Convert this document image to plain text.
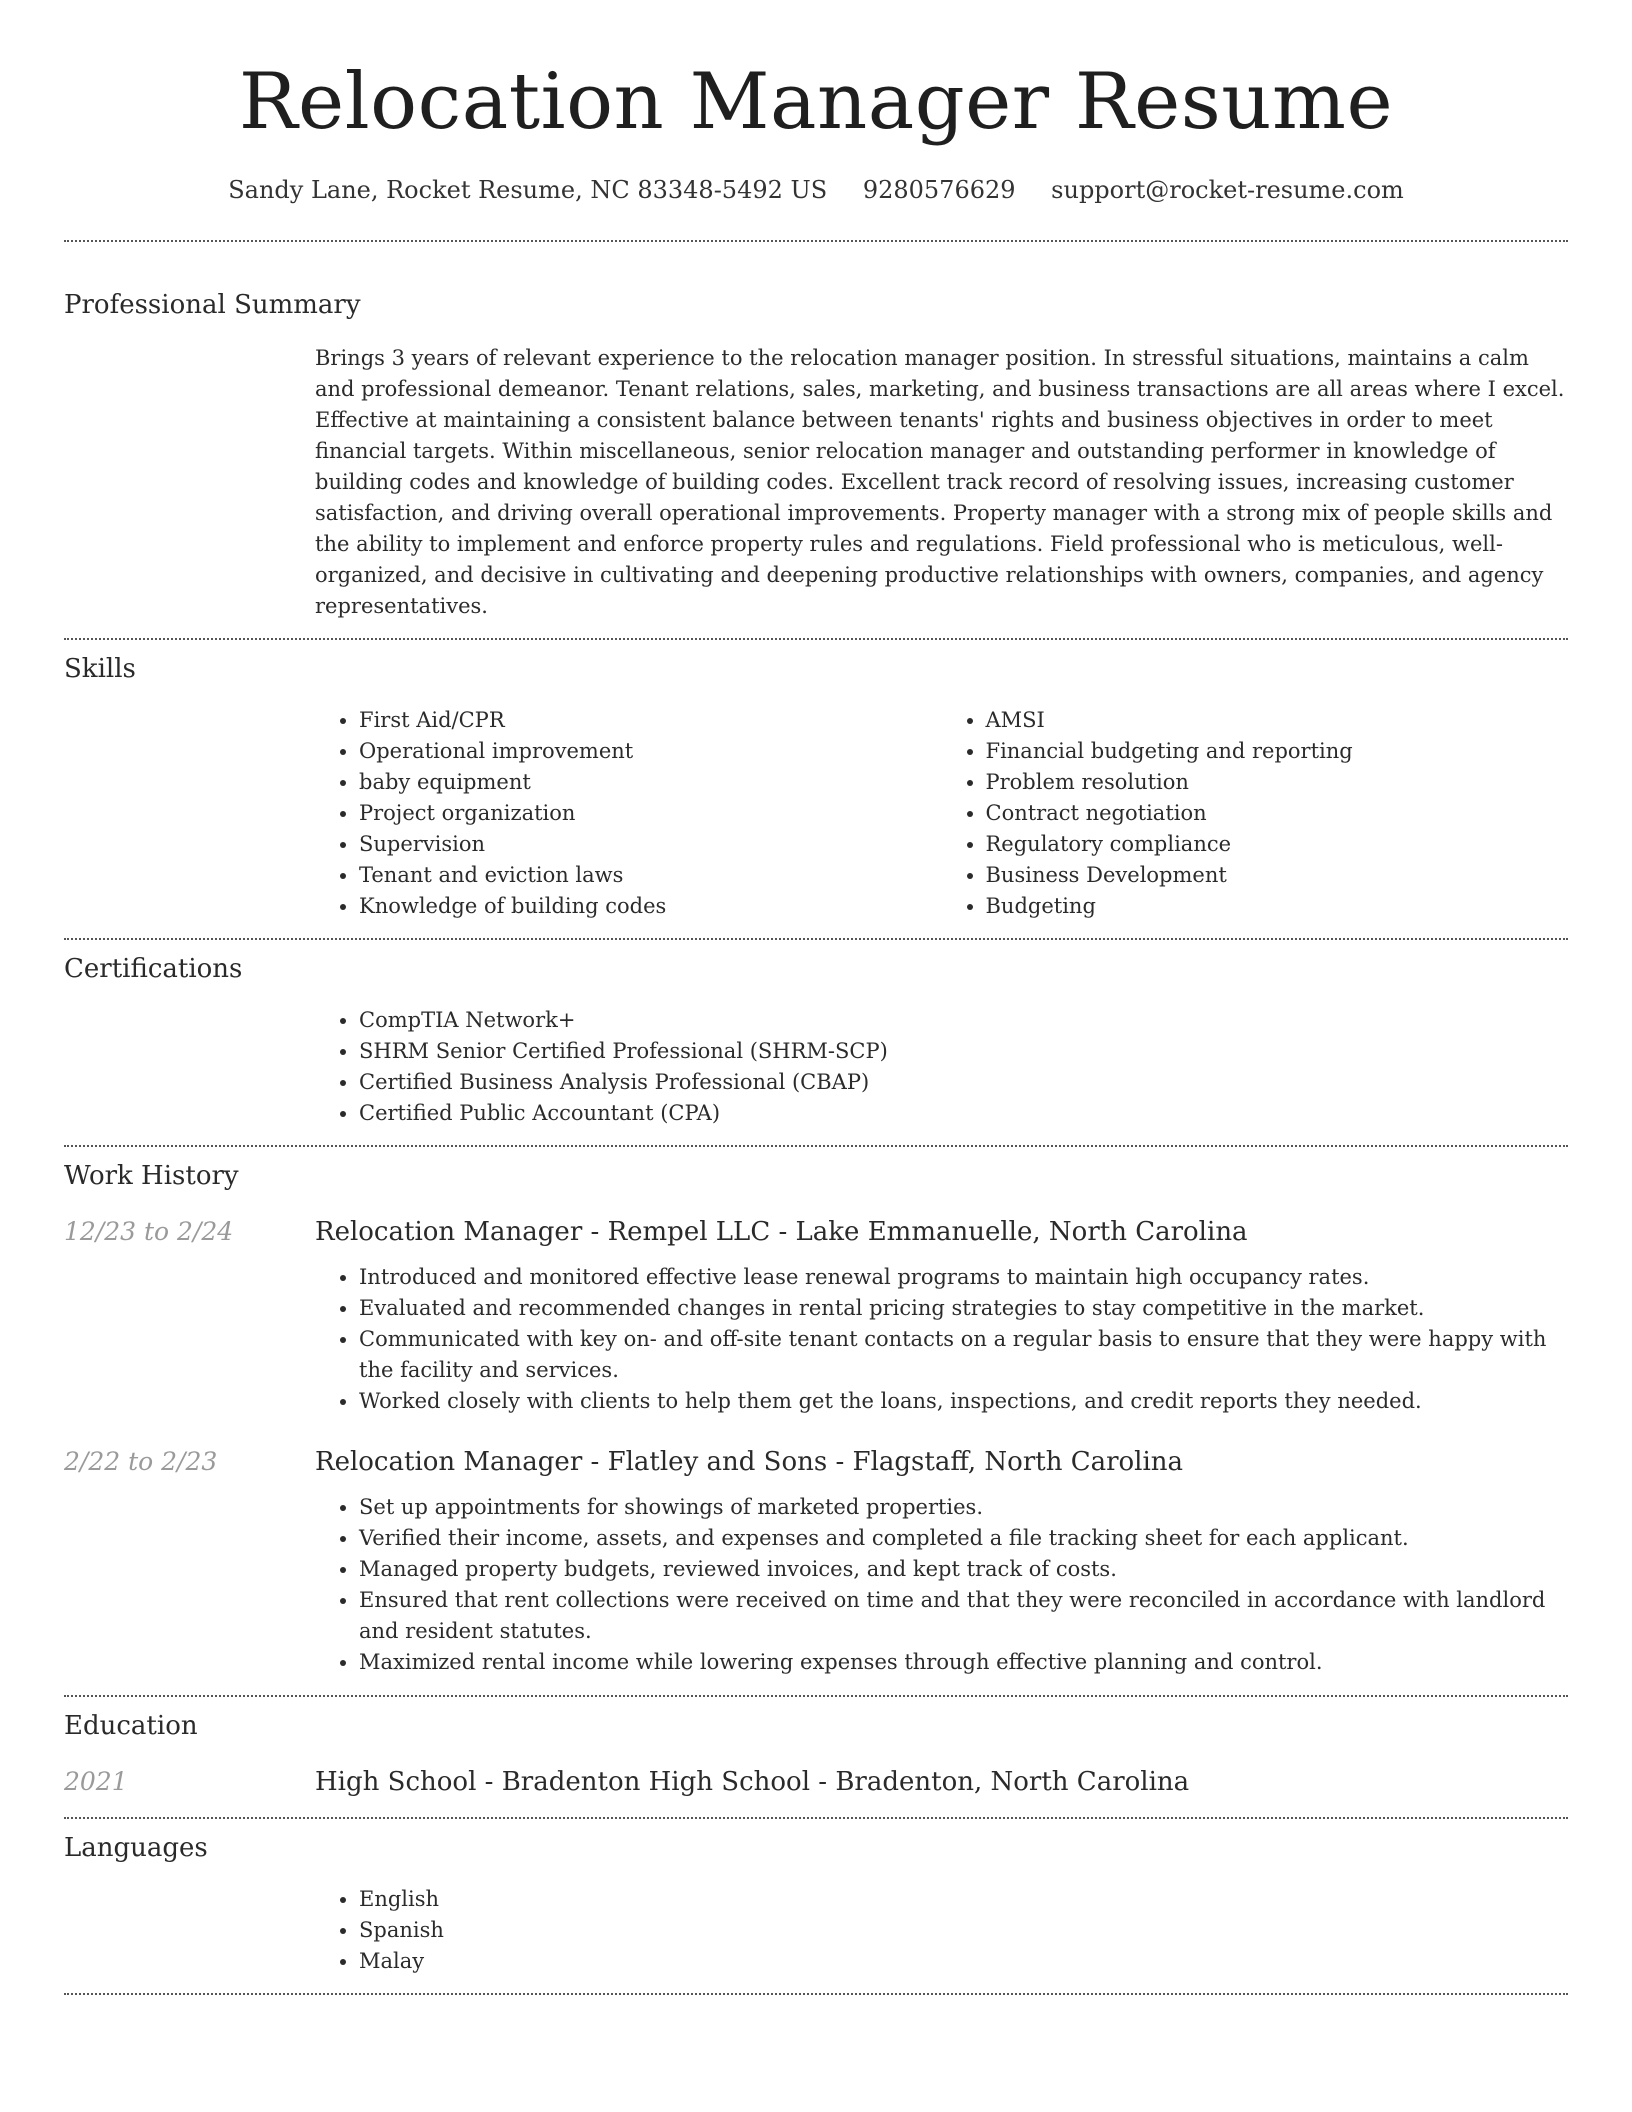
Relocation Manager Resume
Sandy Lane, Rocket Resume, NC 83348-5492 US 9280576629 support@rocket-resume.com
Professional Summary
Brings 3 years of relevant experience to the relocation manager position. In stressful situations, maintains a calm and professional demeanor. Tenant relations, sales, marketing, and business transactions are all areas where I excel. Effective at maintaining a consistent balance between tenants' rights and business objectives in order to meet financial targets. Within miscellaneous, senior relocation manager and outstanding performer in knowledge of building codes and knowledge of building codes. Excellent track record of resolving issues, increasing customer satisfaction, and driving overall operational improvements. Property manager with a strong mix of people skills and the ability to implement and enforce property rules and regulations. Field professional who is meticulous, well-organized, and decisive in cultivating and deepening productive relationships with owners, companies, and agency representatives.
Skills
• First Aid/CPR
• Operational improvement
• baby equipment
• Project organization
• Supervision
• Tenant and eviction laws
• Knowledge of building codes
• AMSI
• Financial budgeting and reporting
• Problem resolution
• Contract negotiation
• Regulatory compliance
• Business Development
• Budgeting
Certifications
• CompTIA Network+
• SHRM Senior Certified Professional (SHRM-SCP)
• Certified Business Analysis Professional (CBAP)
• Certified Public Accountant (CPA)
Work History
12/23 to 2/24	Relocation Manager - Rempel LLC - Lake Emmanuelle, North Carolina
• Introduced and monitored effective lease renewal programs to maintain high occupancy rates.
• Evaluated and recommended changes in rental pricing strategies to stay competitive in the market.
• Communicated with key on- and off-site tenant contacts on a regular basis to ensure that they were happy with the facility and services.
• Worked closely with clients to help them get the loans, inspections, and credit reports they needed.
2/22 to 2/23	Relocation Manager - Flatley and Sons - Flagstaff, North Carolina
• Set up appointments for showings of marketed properties.
• Verified their income, assets, and expenses and completed a file tracking sheet for each applicant.
• Managed property budgets, reviewed invoices, and kept track of costs.
• Ensured that rent collections were received on time and that they were reconciled in accordance with landlord and resident statutes.
• Maximized rental income while lowering expenses through effective planning and control.
Education
2021	High School - Bradenton High School - Bradenton, North Carolina
Languages
• English
• Spanish
• Malay
